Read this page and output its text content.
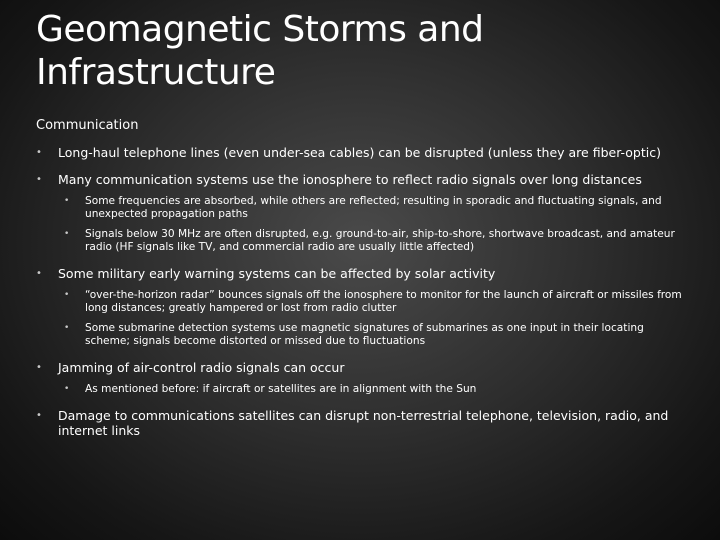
Geomagnetic Storms and Infrastructure
Communication
• Long-haul telephone lines (even under-sea cables) can be disrupted (unless they are fiber-optic)
• Many communication systems use the ionosphere to reflect radio signals over long distances
• Some frequencies are absorbed, while others are reflected; resulting in sporadic and fluctuating signals, and unexpected propagation paths
• Signals below 30 MHz are often disrupted, e.g. ground-to-air, ship-to-shore, shortwave broadcast, and amateur radio (HF signals like TV, and commercial radio are usually little affected)
• Some military early warning systems can be affected by solar activity
• “over-the-horizon radar” bounces signals off the ionosphere to monitor for the launch of aircraft or missiles from long distances; greatly hampered or lost from radio clutter
• Some submarine detection systems use magnetic signatures of submarines as one input in their locating scheme; signals become distorted or missed due to fluctuations
• Jamming of air-control radio signals can occur
• As mentioned before: if aircraft or satellites are in alignment with the Sun
• Damage to communications satellites can disrupt non-terrestrial telephone, television, radio, and internet links
